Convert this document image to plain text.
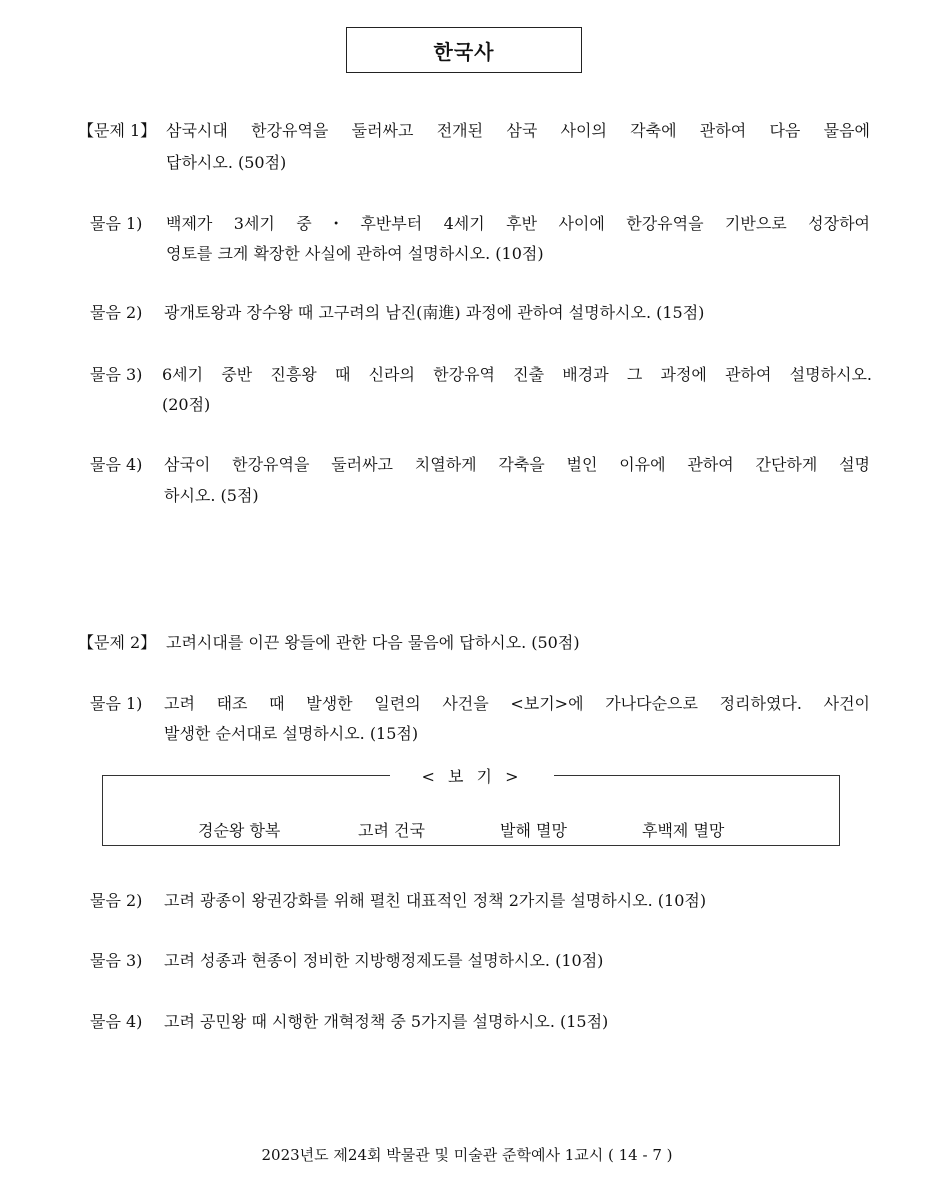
한국사
【문제 1】 삼국시대 한강유역을 둘러싸고 전개된 삼국 사이의 각축에 관하여 다음 물음에
답하시오. (50점)
물음 1) 백제가 3세기 중・후반부터 4세기 후반 사이에 한강유역을 기반으로 성장하여
영토를 크게 확장한 사실에 관하여 설명하시오. (10점)
물음 2) 광개토왕과 장수왕 때 고구려의 남진(南進) 과정에 관하여 설명하시오. (15점)
물음 3) 6세기 중반 진흥왕 때 신라의 한강유역 진출 배경과 그 과정에 관하여 설명하시오.
(20점)
물음 4) 삼국이 한강유역을 둘러싸고 치열하게 각축을 벌인 이유에 관하여 간단하게 설명
하시오. (5점)
【문제 2】 고려시대를 이끈 왕들에 관한 다음 물음에 답하시오. (50점)
물음 1) 고려 태조 때 발생한 일련의 사건을 <보기>에 가나다순으로 정리하였다. 사건이
발생한 순서대로 설명하시오. (15점)
< 보 기 >
경순왕 항복	고려 건국	발해 멸망	후백제 멸망
물음 2) 고려 광종이 왕권강화를 위해 펼친 대표적인 정책 2가지를 설명하시오. (10점)
물음 3) 고려 성종과 현종이 정비한 지방행정제도를 설명하시오. (10점)
물음 4) 고려 공민왕 때 시행한 개혁정책 중 5가지를 설명하시오. (15점)
2023년도 제24회 박물관 및 미술관 준학예사 1교시 ( 14 - 7 )
